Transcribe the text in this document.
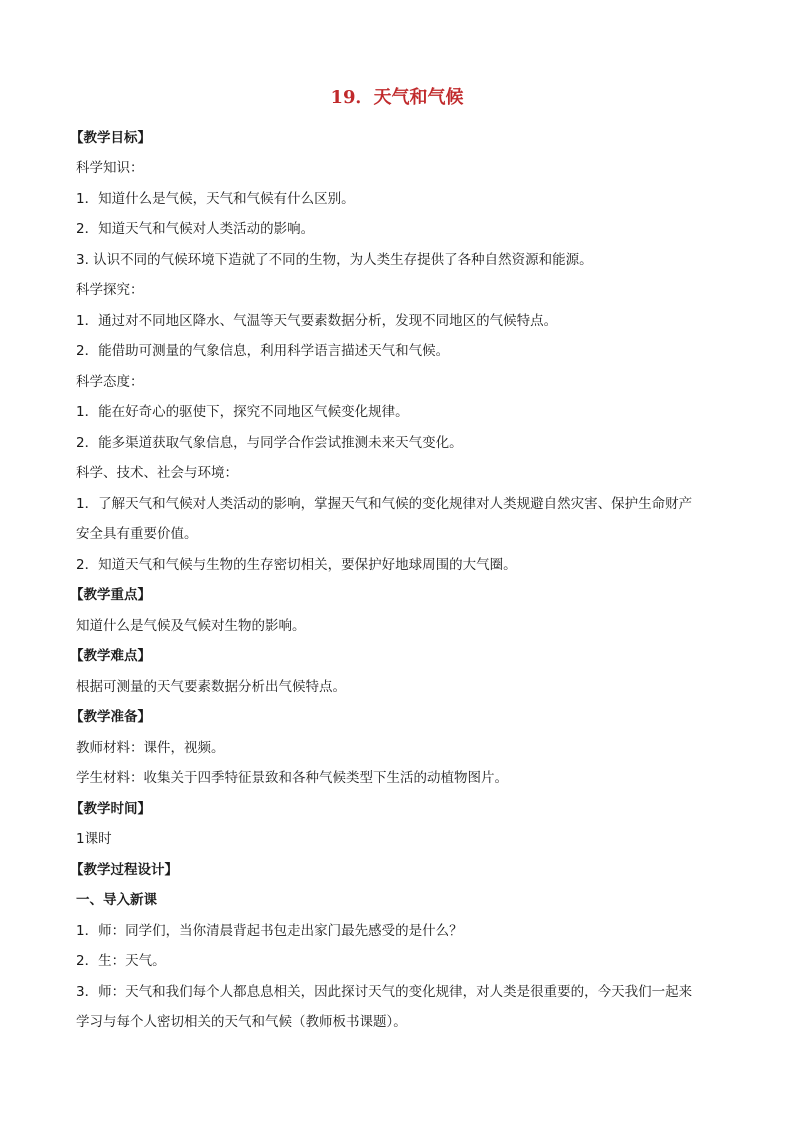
19．天气和气候
【教学目标】
科学知识：
1．知道什么是气候，天气和气候有什么区别。
2．知道天气和气候对人类活动的影响。
3. 认识不同的气候环境下造就了不同的生物，为人类生存提供了各种自然资源和能源。
科学探究：
1．通过对不同地区降水、气温等天气要素数据分析，发现不同地区的气候特点。
2．能借助可测量的气象信息，利用科学语言描述天气和气候。
科学态度：
1．能在好奇心的驱使下，探究不同地区气候变化规律。
2．能多渠道获取气象信息，与同学合作尝试推测未来天气变化。
科学、技术、社会与环境：
1．了解天气和气候对人类活动的影响，掌握天气和气候的变化规律对人类规避自然灾害、保护生命财产
安全具有重要价值。
2．知道天气和气候与生物的生存密切相关，要保护好地球周围的大气圈。
【教学重点】
知道什么是气候及气候对生物的影响。
【教学难点】
根据可测量的天气要素数据分析出气候特点。
【教学准备】
教师材料：课件，视频。
学生材料：收集关于四季特征景致和各种气候类型下生活的动植物图片。
【教学时间】
1课时
【教学过程设计】
一、导入新课
1．师：同学们，当你清晨背起书包走出家门最先感受的是什么？
2．生：天气。
3．师：天气和我们每个人都息息相关，因此探讨天气的变化规律，对人类是很重要的，今天我们一起来
学习与每个人密切相关的天气和气候（教师板书课题）。
